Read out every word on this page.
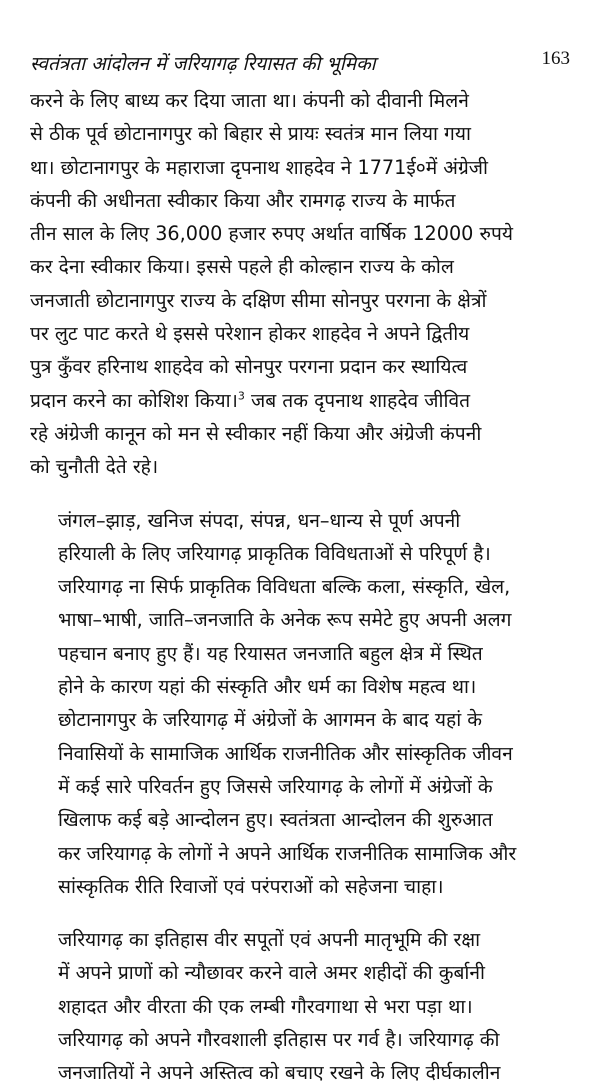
स्वतंत्रता आंदोलन में जरियागढ़ रियासत की भूमिका	163

करने के लिए बाध्य कर दिया जाता था। कंपनी को दीवानी मिलने
से ठीक पूर्व छोटानागपुर को बिहार से प्रायः स्वतंत्र मान लिया गया
था। छोटानागपुर के महाराजा दृपनाथ शाहदेव ने 1771ई०में अंग्रेजी
कंपनी की अधीनता स्वीकार किया और रामगढ़ राज्य के मार्फत
तीन साल के लिए 36,000 हजार रुपए अर्थात वार्षिक 12000 रुपये
कर देना स्वीकार किया। इससे पहले ही कोल्हान राज्य के कोल
जनजाती छोटानागपुर राज्य के दक्षिण सीमा सोनपुर परगना के क्षेत्रों
पर लुट पाट करते थे इससे परेशान होकर शाहदेव ने अपने द्वितीय
पुत्र कुँवर हरिनाथ शाहदेव को सोनपुर परगना प्रदान कर स्थायित्व
प्रदान करने का कोशिश किया।$^3$ जब तक दृपनाथ शाहदेव जीवित
रहे अंग्रेजी कानून को मन से स्वीकार नहीं किया और अंग्रेजी कंपनी
को चुनौती देते रहे।

जंगल–झाड़, खनिज संपदा, संपन्न, धन–धान्य से पूर्ण अपनी
हरियाली के लिए जरियागढ़ प्राकृतिक विविधताओं से परिपूर्ण है।
जरियागढ़ ना सिर्फ प्राकृतिक विविधता बल्कि कला, संस्कृति, खेल,
भाषा–भाषी, जाति–जनजाति के अनेक रूप समेटे हुए अपनी अलग
पहचान बनाए हुए हैं। यह रियासत जनजाति बहुल क्षेत्र में स्थित
होने के कारण यहां की संस्कृति और धर्म का विशेष महत्व था।
छोटानागपुर के जरियागढ़ में अंग्रेजों के आगमन के बाद यहां के
निवासियों के सामाजिक आर्थिक राजनीतिक और सांस्कृतिक जीवन
में कई सारे परिवर्तन हुए जिससे जरियागढ़ के लोगों में अंग्रेजों के
खिलाफ कई बड़े आन्दोलन हुए। स्वतंत्रता आन्दोलन की शुरुआत
कर जरियागढ़ के लोगों ने अपने आर्थिक राजनीतिक सामाजिक और
सांस्कृतिक रीति रिवाजों एवं परंपराओं को सहेजना चाहा।

जरियागढ़ का इतिहास वीर सपूतों एवं अपनी मातृभूमि की रक्षा
में अपने प्राणों को न्यौछावर करने वाले अमर शहीदों की कुर्बानी
शहादत और वीरता की एक लम्बी गौरवगाथा से भरा पड़ा था।
जरियागढ़ को अपने गौरवशाली इतिहास पर गर्व है। जरियागढ़ की
जनजातियों ने अपने अस्तित्व को बचाए रखने के लिए दीर्घकालीन
